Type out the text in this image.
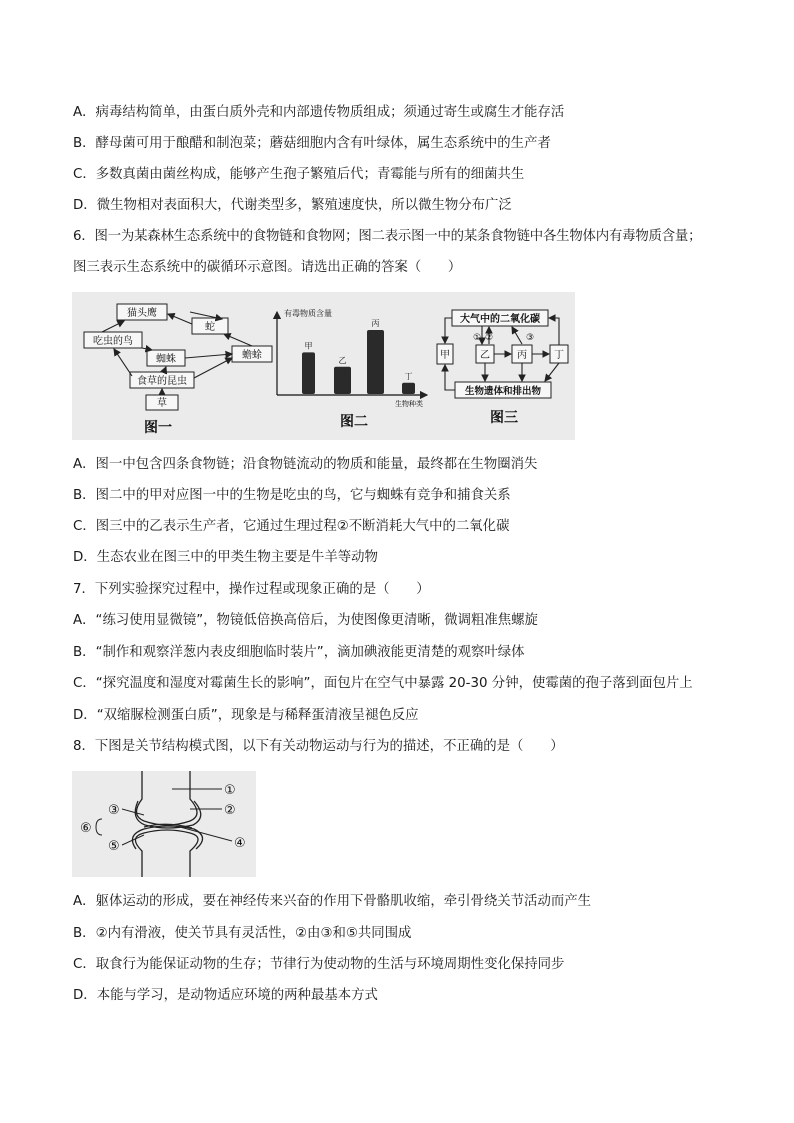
A．病毒结构简单，由蛋白质外壳和内部遗传物质组成；须通过寄生或腐生才能存活
B．酵母菌可用于酿醋和制泡菜；蘑菇细胞内含有叶绿体，属生态系统中的生产者
C．多数真菌由菌丝构成，能够产生孢子繁殖后代；青霉能与所有的细菌共生
D．微生物相对表面积大，代谢类型多，繁殖速度快，所以微生物分布广泛
6．图一为某森林生态系统中的食物链和食物网；图二表示图一中的某条食物链中各生物体内有毒物质含量；
图三表示生态系统中的碳循环示意图。请选出正确的答案（　　）
猫头鹰
蛇
吃虫的鸟
蜘蛛	蟾蜍
食草的昆虫
草
图一
有毒物质含量
生物种类
甲
乙
丙
丁
图二
大气中的二氧化碳
甲	乙	丙	丁
生物遗体和排出物
① ②	③
图三
A．图一中包含四条食物链；沿食物链流动的物质和能量，最终都在生物圈消失
B．图二中的甲对应图一中的生物是吃虫的鸟，它与蜘蛛有竞争和捕食关系
C．图三中的乙表示生产者，它通过生理过程②不断消耗大气中的二氧化碳
D．生态农业在图三中的甲类生物主要是牛羊等动物
7．下列实验探究过程中，操作过程或现象正确的是（　　）
A．“练习使用显微镜”，物镜低倍换高倍后，为使图像更清晰，微调粗准焦螺旋
B．“制作和观察洋葱内表皮细胞临时装片”，滴加碘液能更清楚的观察叶绿体
C．“探究温度和湿度对霉菌生长的影响”，面包片在空气中暴露 20-30 分钟，使霉菌的孢子落到面包片上
D．“双缩脲检测蛋白质”，现象是与稀释蛋清液呈褪色反应
8．下图是关节结构模式图，以下有关动物运动与行为的描述，不正确的是（　　）
①
②
③
④
⑤
⑥
A．躯体运动的形成，要在神经传来兴奋的作用下骨骼肌收缩，牵引骨绕关节活动而产生
B．②内有滑液，使关节具有灵活性，②由③和⑤共同围成
C．取食行为能保证动物的生存；节律行为使动物的生活与环境周期性变化保持同步
D．本能与学习，是动物适应环境的两种最基本方式
